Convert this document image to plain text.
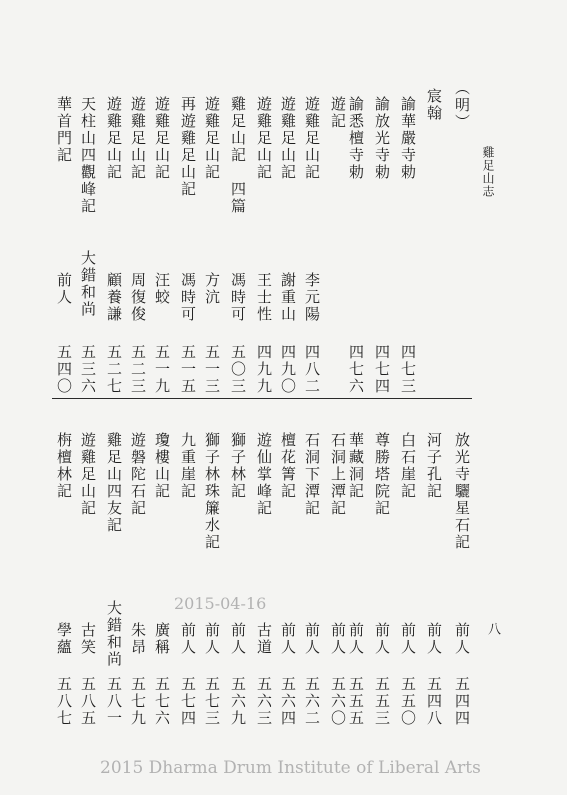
雞足山志
（明）
宸翰
諭華嚴寺勅
四七三
諭放光寺勅
四七四
諭悉檀寺勅
四七六
遊記
遊雞足山記
李元陽
四八二
遊雞足山記
謝重山
四九〇
遊雞足山記
王士性
四九九
雞足山記　四篇
馮時可
五〇三
遊雞足山記
方沆
五一三
再遊雞足山記
馮時可
五一五
遊雞足山記
汪蛟
五一九
遊雞足山記
周復俊
五二三
遊雞足山記
顧養謙
五二七
天柱山四觀峰記
大錯和尚
五三六
華首門記
前人
五四〇
放光寺驪星石記
前人
五四四
河子孔記
前人
五四八
白石崖記
前人
五五〇
尊勝塔院記
前人
五五三
華藏洞記
前人
五五五
石洞上潭記
前人
五六〇
石洞下潭記
前人
五六二
檀花箐記
前人
五六四
遊仙掌峰記
古道
五六三
獅子林記
前人
五六九
獅子林珠簾水記
前人
五七三
九重崖記
前人
五七四
瓊樓山記
廣稱
五七六
遊磐陀石記
朱昂
五七九
雞足山四友記
大錯和尚
五八一
遊雞足山記
古笑
五八五
栴檀林記
學蘊
五八七
八
2015-04-16
2015 Dharma Drum Institute of Liberal Arts
